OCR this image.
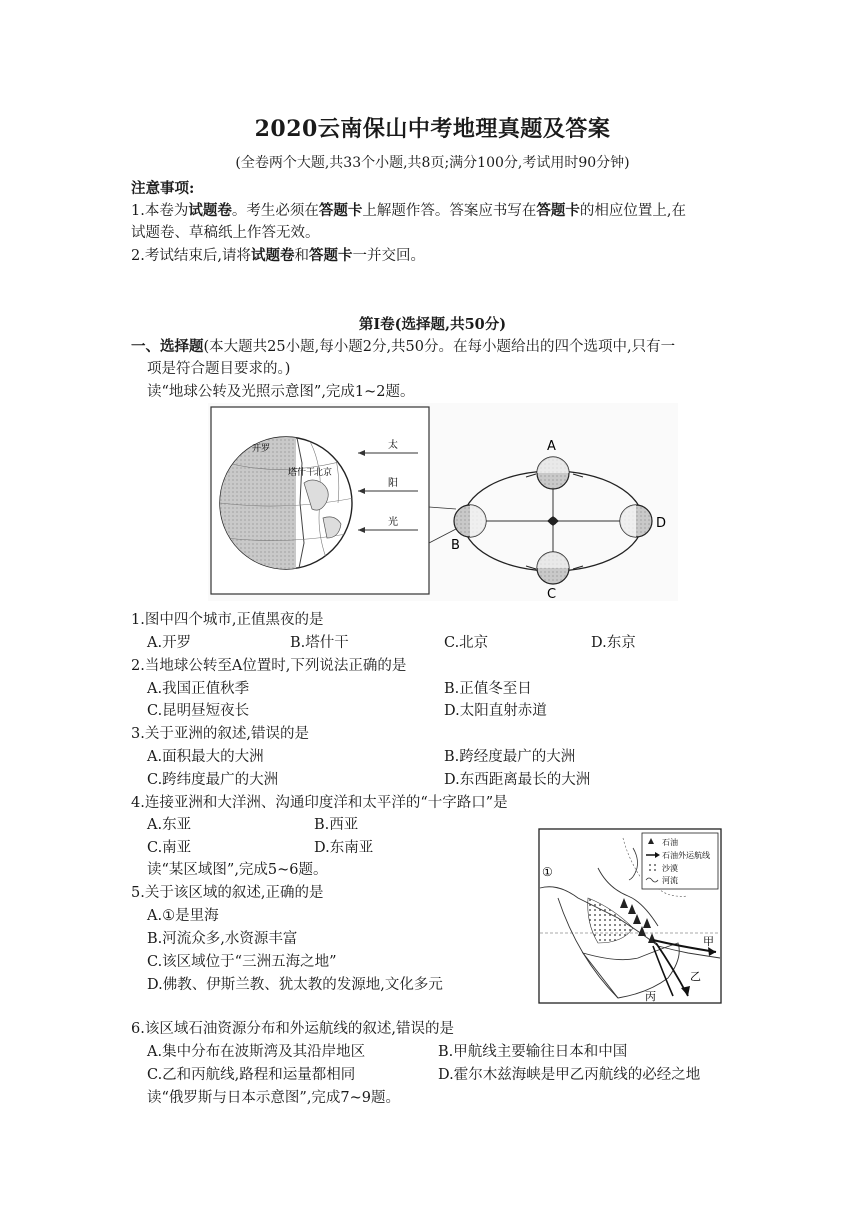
2020云南保山中考地理真题及答案
(全卷两个大题,共33个小题,共8页;满分100分,考试用时90分钟)
注意事项:
1.本卷为试题卷。考生必须在答题卡上解题作答。答案应书写在答题卡的相应位置上,在
试题卷、草稿纸上作答无效。
2.考试结束后,请将试题卷和答题卡一并交回。
第Ⅰ卷(选择题,共50分)
一、选择题(本大题共25小题,每小题2分,共50分。在每小题给出的四个选项中,只有一
项是符合题目要求的。)
读“地球公转及光照示意图”,完成1~2题。
开罗
塔什干
北京
太
阳
光
A
B
C
D
1.图中四个城市,正值黑夜的是
A.开罗	B.塔什干	C.北京	D.东京
2.当地球公转至A位置时,下列说法正确的是
A.我国正值秋季	B.正值冬至日
C.昆明昼短夜长	D.太阳直射赤道
3.关于亚洲的叙述,错误的是
A.面积最大的大洲	B.跨经度最广的大洲
C.跨纬度最广的大洲	D.东西距离最长的大洲
4.连接亚洲和大洋洲、沟通印度洋和太平洋的“十字路口”是
A.东亚	B.西亚
C.南亚	D.东南亚
读“某区域图”,完成5~6题。
5.关于该区域的叙述,正确的是
A.①是里海
B.河流众多,水资源丰富
C.该区域位于“三洲五海之地”
D.佛教、伊斯兰教、犹太教的发源地,文化多元
石油
石油外运航线
沙漠
河流
①
甲
乙
丙
6.该区域石油资源分布和外运航线的叙述,错误的是
A.集中分布在波斯湾及其沿岸地区	B.甲航线主要输往日本和中国
C.乙和丙航线,路程和运量都相同	D.霍尔木兹海峡是甲乙丙航线的必经之地
读“俄罗斯与日本示意图”,完成7~9题。
